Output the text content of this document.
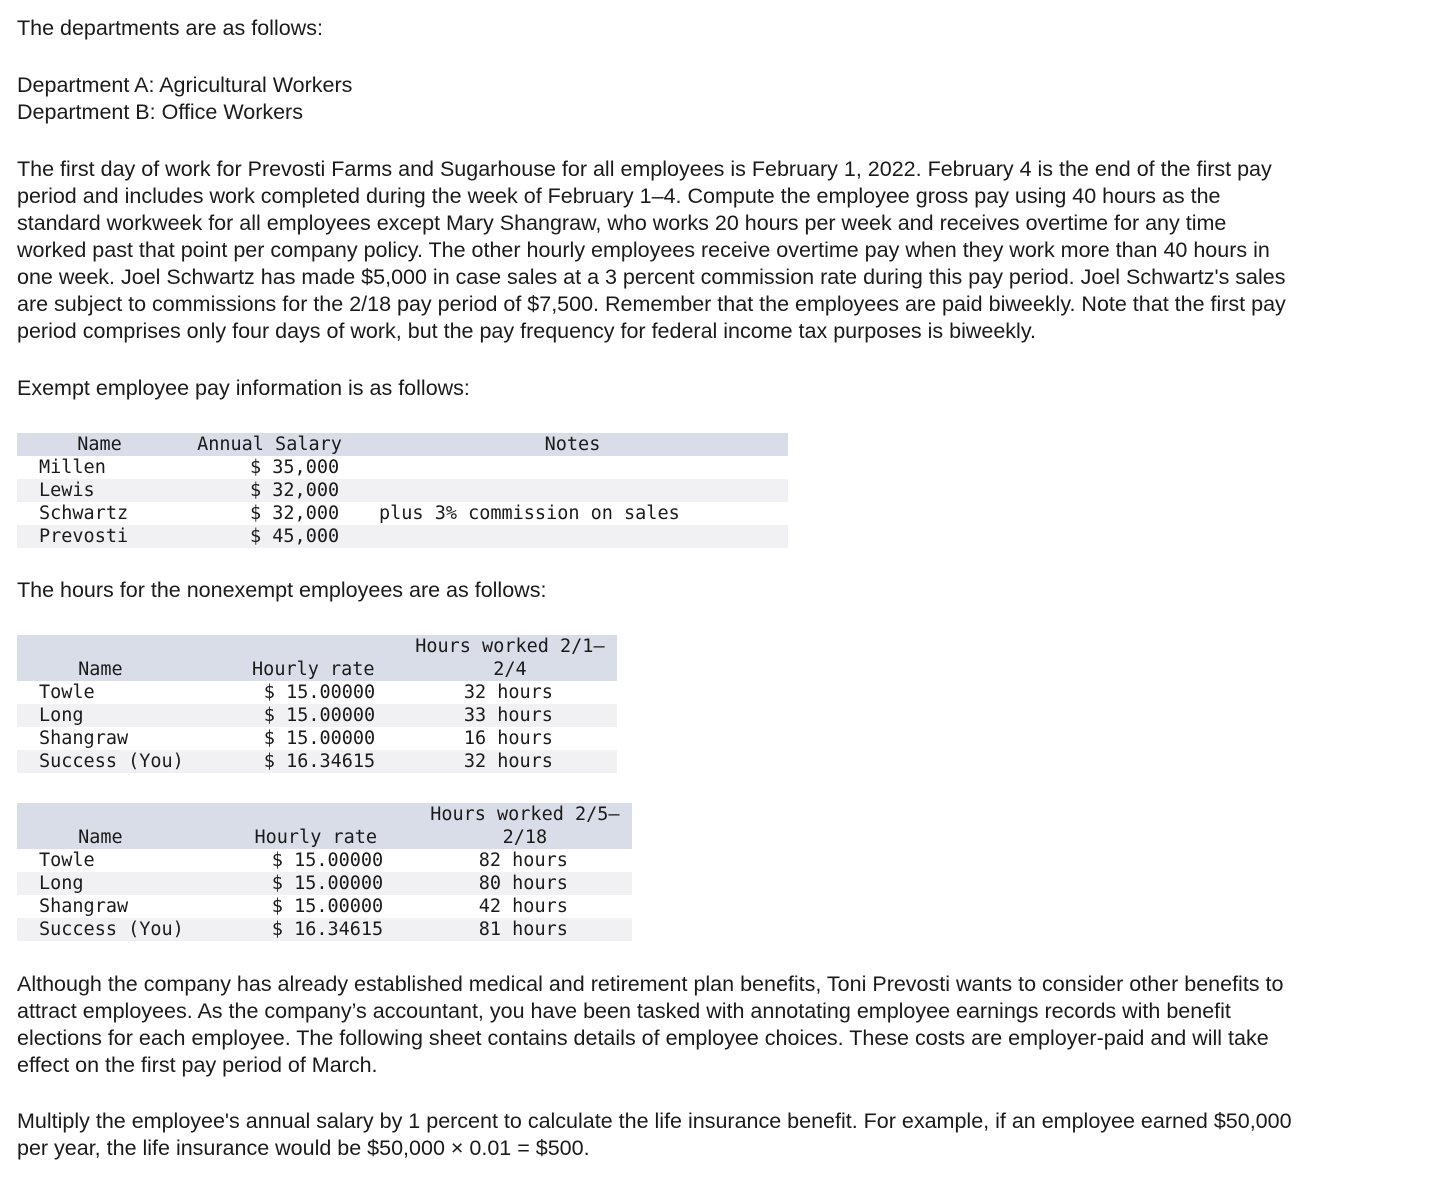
The departments are as follows:

Department A: Agricultural Workers

Department B: Office Workers

The first day of work for Prevosti Farms and Sugarhouse for all employees is February 1, 2022. February 4 is the end of the first pay
period and includes work completed during the week of February 1–4. Compute the employee gross pay using 40 hours as the
standard workweek for all employees except Mary Shangraw, who works 20 hours per week and receives overtime for any time
worked past that point per company policy. The other hourly employees receive overtime pay when they work more than 40 hours in
one week. Joel Schwartz has made $5,000 in case sales at a 3 percent commission rate during this pay period. Joel Schwartz's sales
are subject to commissions for the 2/18 pay period of $7,500. Remember that the employees are paid biweekly. Note that the first pay
period comprises only four days of work, but the pay frequency for federal income tax purposes is biweekly.

Exempt employee pay information is as follows:

Name	Annual Salary	Notes
Millen	$ 35,000	
Lewis	$ 32,000	
Schwartz	$ 32,000	plus 3% commission on sales
Prevosti	$ 45,000	

The hours for the nonexempt employees are as follows:

Name	Hourly rate	Hours worked 2/1–
		2/4
Towle	$ 15.00000	32 hours
Long	$ 15.00000	33 hours
Shangraw	$ 15.00000	16 hours
Success (You)	$ 16.34615	32 hours
Name	Hourly rate	Hours worked 2/5–
		2/18
Towle	$ 15.00000	82 hours
Long	$ 15.00000	80 hours
Shangraw	$ 15.00000	42 hours
Success (You)	$ 16.34615	81 hours
Although the company has already established medical and retirement plan benefits, Toni Prevosti wants to consider other benefits to
attract employees. As the company’s accountant, you have been tasked with annotating employee earnings records with benefit
elections for each employee. The following sheet contains details of employee choices. These costs are employer-paid and will take
effect on the first pay period of March.
Multiply the employee's annual salary by 1 percent to calculate the life insurance benefit. For example, if an employee earned $50,000
per year, the life insurance would be $50,000 × 0.01 = $500.
